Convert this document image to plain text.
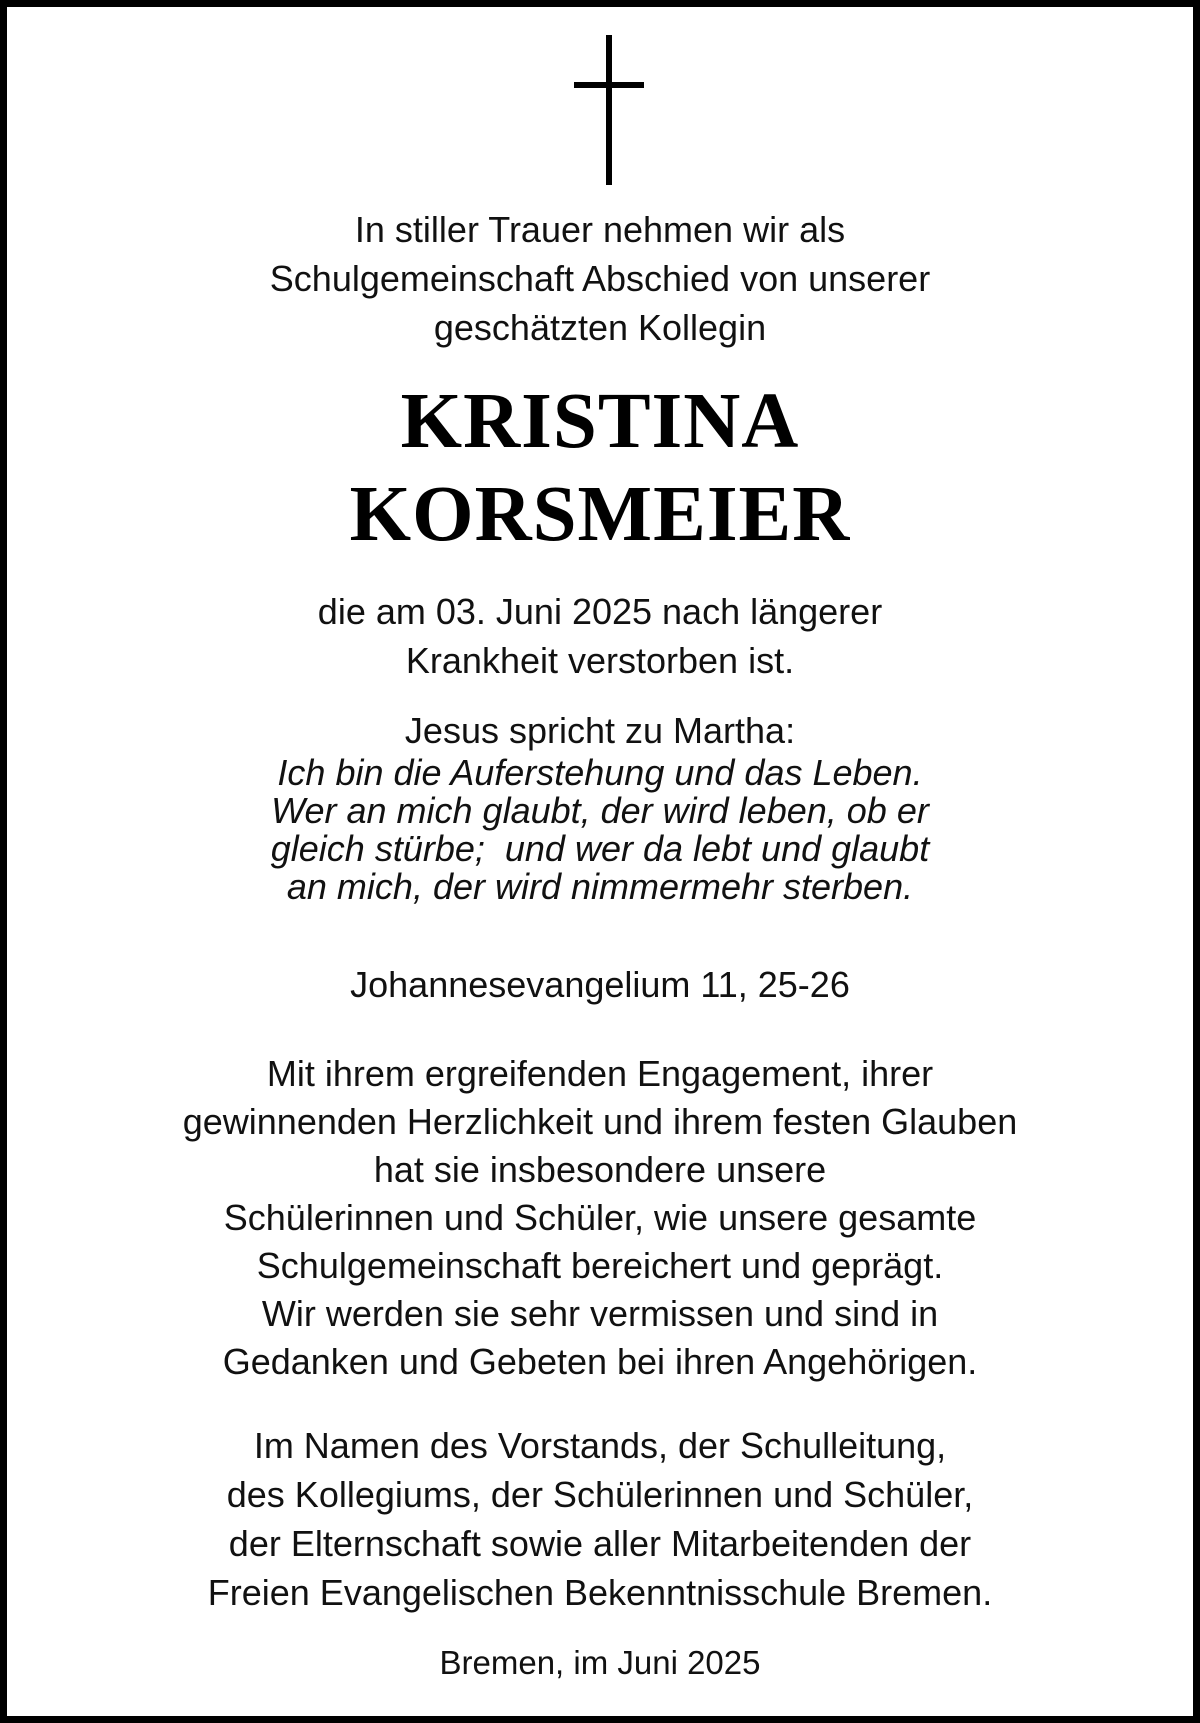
In stiller Trauer nehmen wir als
Schulgemeinschaft Abschied von unserer
geschätzten Kollegin
KRISTINA
KORSMEIER
die am 03. Juni 2025 nach längerer
Krankheit verstorben ist.
Jesus spricht zu Martha:
Ich bin die Auferstehung und das Leben.
Wer an mich glaubt, der wird leben, ob er
gleich stürbe;  und wer da lebt und glaubt
an mich, der wird nimmermehr sterben.
Johannesevangelium 11, 25-26
Mit ihrem ergreifenden Engagement, ihrer
gewinnenden Herzlichkeit und ihrem festen Glauben
hat sie insbesondere unsere
Schülerinnen und Schüler, wie unsere gesamte
Schulgemeinschaft bereichert und geprägt.
Wir werden sie sehr vermissen und sind in
Gedanken und Gebeten bei ihren Angehörigen.
Im Namen des Vorstands, der Schulleitung,
des Kollegiums, der Schülerinnen und Schüler,
der Elternschaft sowie aller Mitarbeitenden der
Freien Evangelischen Bekenntnisschule Bremen.
Bremen, im Juni 2025
